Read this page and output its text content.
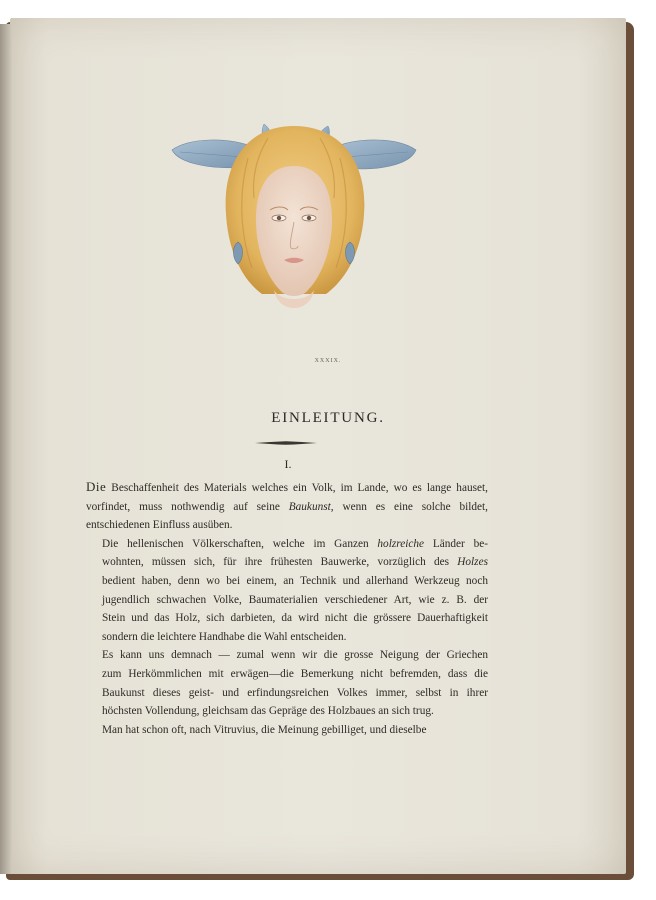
XXXIX.
EINLEITUNG.
I.

Die Beschaffenheit des Materials welches ein Volk, im Lande, wo es lange hauset,
vorfindet, muss nothwendig auf seine Baukunst, wenn es eine solche bildet,
entschiedenen Einfluss ausüben.

Die hellenischen Völkerschaften, welche im Ganzen holzreiche Länder be-
wohnten, müssen sich, für ihre frühesten Bauwerke, vorzüglich des Holzes
bedient haben, denn wo bei einem, an Technik und allerhand Werkzeug noch
jugendlich schwachen Volke, Baumaterialien verschiedener Art, wie z. B. der
Stein und das Holz, sich darbieten, da wird nicht die grössere Dauerhaftigkeit
sondern die leichtere Handhabe die Wahl entscheiden.

Es kann uns demnach — zumal wenn wir die grosse Neigung der Griechen
zum Herkömmlichen mit erwägen—die Bemerkung nicht befremden, dass die
Baukunst dieses geist- und erfindungsreichen Volkes immer, selbst in ihrer
höchsten Vollendung, gleichsam das Gepräge des Holzbaues an sich trug.

Man hat schon oft, nach Vitruvius, die Meinung gebilliget, und dieselbe
